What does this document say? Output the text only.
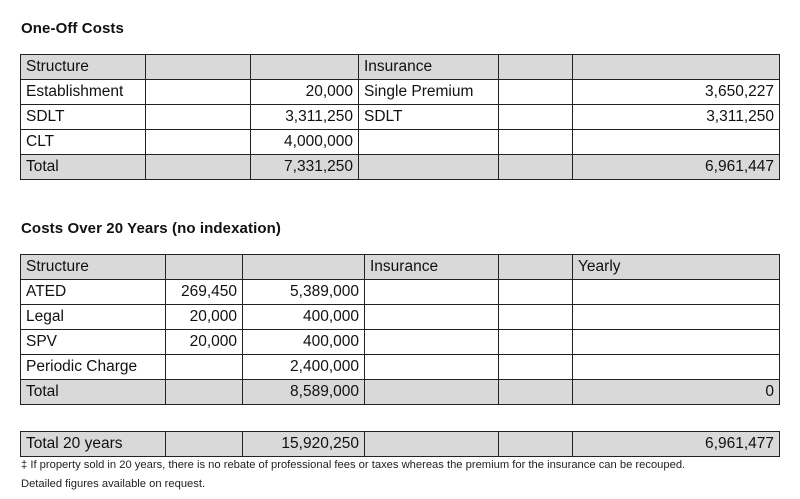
One-Off Costs
Structure			Insurance		
Establishment		20,000	Single Premium		3,650,227
SDLT		3,311,250	SDLT		3,311,250
CLT		4,000,000			
Total		7,331,250			6,961,447
Costs Over 20 Years (no indexation)
Structure			Insurance		Yearly
ATED	269,450	5,389,000			
Legal	20,000	400,000			
SPV	20,000	400,000			
Periodic Charge		2,400,000			
Total		8,589,000			0
Total 20 years		15,920,250			6,961,477
‡ If property sold in 20 years, there is no rebate of professional fees or taxes whereas the premium for the insurance can be recouped.
Detailed figures available on request.
